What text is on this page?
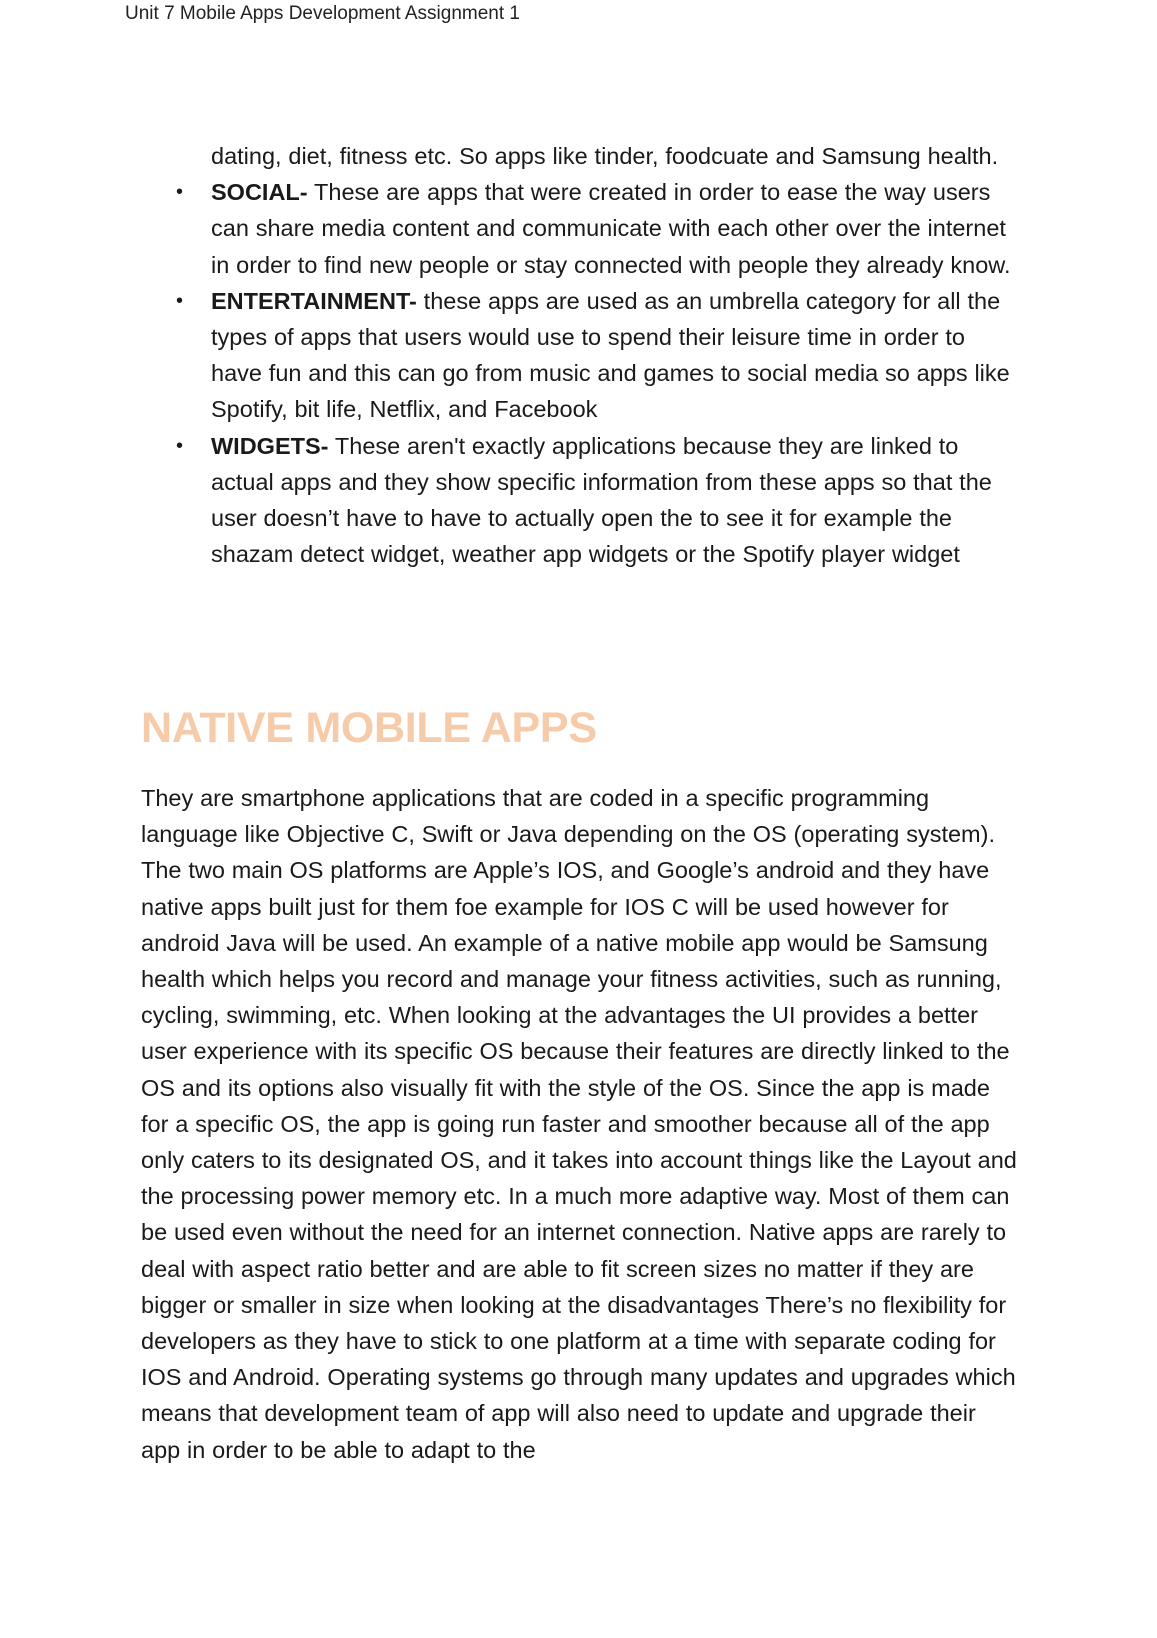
Unit 7 Mobile Apps Development Assignment 1

dating, diet, fitness etc. So apps like tinder, foodcuate and Samsung health.

• SOCIAL- These are apps that were created in order to ease the way users can share media content and communicate with each other over the internet in order to find new people or stay connected with people they already know.
• ENTERTAINMENT- these apps are used as an umbrella category for all the types of apps that users would use to spend their leisure time in order to have fun and this can go from music and games to social media so apps like Spotify, bit life, Netflix, and Facebook
• WIDGETS- These aren't exactly applications because they are linked to actual apps and they show specific information from these apps so that the user doesn’t have to have to actually open the to see it for example the shazam detect widget, weather app widgets or the Spotify player widget
NATIVE MOBILE APPS

They are smartphone applications that are coded in a specific programming language like Objective C, Swift or Java depending on the OS (operating system). The two main OS platforms are Apple’s IOS, and Google’s android and they have native apps built just for them foe example for IOS C will be used however for android Java will be used. An example of a native mobile app would be Samsung health which helps you record and manage your fitness activities, such as running, cycling, swimming, etc. When looking at the advantages the UI provides a better user experience with its specific OS because their features are directly linked to the OS and its options also visually fit with the style of the OS. Since the app is made for a specific OS, the app is going run faster and smoother because all of the app only caters to its designated OS, and it takes into account things like the Layout and the processing power memory etc. In a much more adaptive way. Most of them can be used even without the need for an internet connection. Native apps are rarely to deal with aspect ratio better and are able to fit screen sizes no matter if they are bigger or smaller in size when looking at the disadvantages There’s no flexibility for developers as they have to stick to one platform at a time with separate coding for IOS and Android. Operating systems go through many updates and upgrades which means that development team of app will also need to update and upgrade their app in order to be able to adapt to the
